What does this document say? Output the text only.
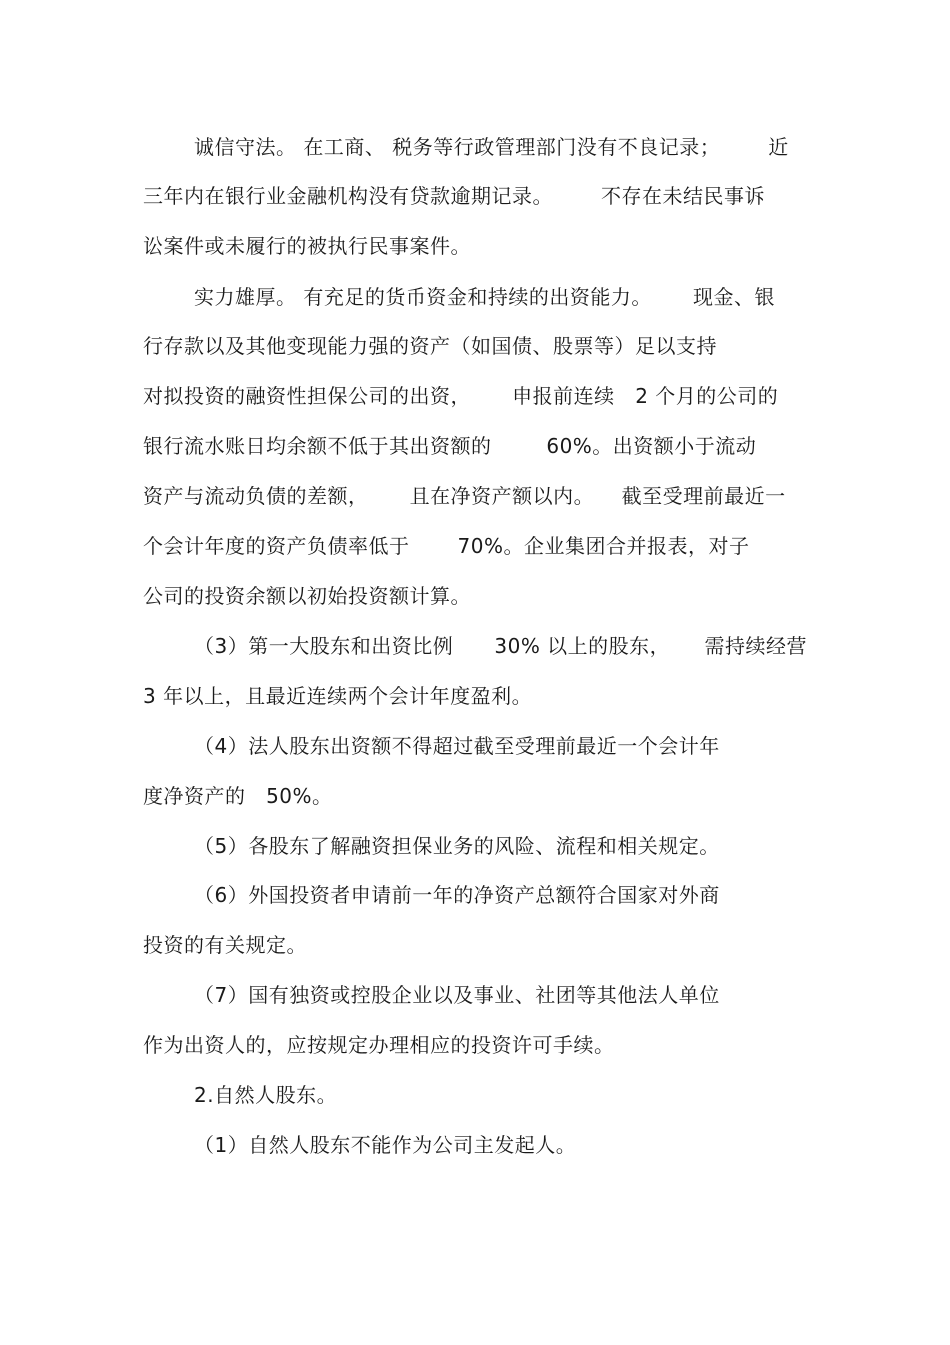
诚信守法。 在工商、 税务等行政管理部门没有不良记录；       近
三年内在银行业金融机构没有贷款逾期记录。       不存在未结民事诉
讼案件或未履行的被执行民事案件。
实力雄厚。 有充足的货币资金和持续的出资能力。      现金、银
行存款以及其他变现能力强的资产（如国债、股票等）足以支持
对拟投资的融资性担保公司的出资，      申报前连续   2 个月的公司的
银行流水账日均余额不低于其出资额的        60%。出资额小于流动
资产与流动负债的差额，      且在净资产额以内。    截至受理前最近一
个会计年度的资产负债率低于       70%。企业集团合并报表，对子
公司的投资余额以初始投资额计算。
（3）第一大股东和出资比例      30% 以上的股东，     需持续经营
3 年以上，且最近连续两个会计年度盈利。
（4）法人股东出资额不得超过截至受理前最近一个会计年
度净资产的   50%。
（5）各股东了解融资担保业务的风险、流程和相关规定。
（6）外国投资者申请前一年的净资产总额符合国家对外商
投资的有关规定。
（7）国有独资或控股企业以及事业、社团等其他法人单位
作为出资人的，应按规定办理相应的投资许可手续。
2.自然人股东。
（1）自然人股东不能作为公司主发起人。
